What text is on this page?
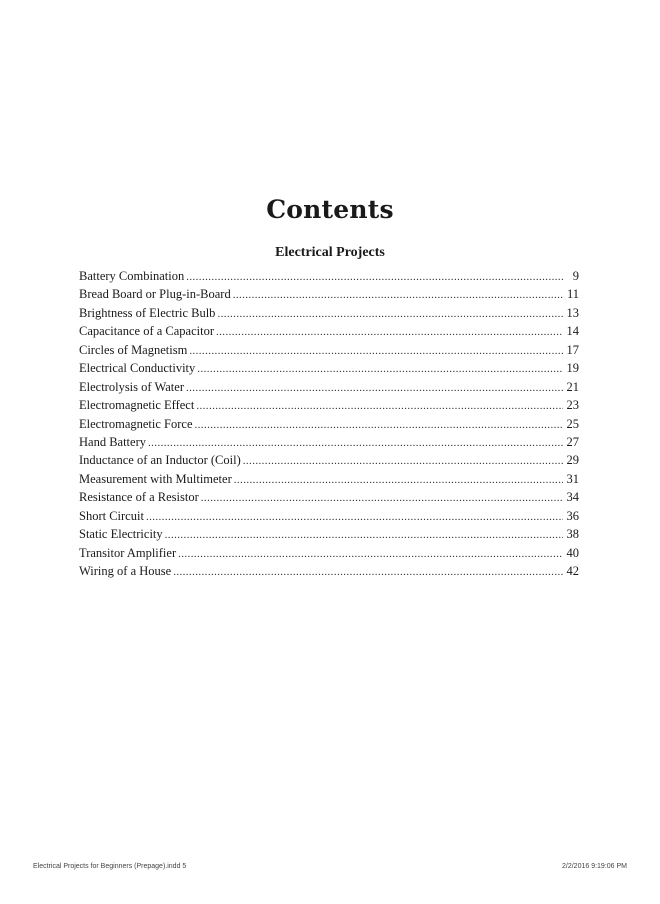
Contents
Electrical Projects
Battery Combination .....	9
Bread Board or Plug-in-Board .....	11
Brightness of Electric Bulb .....	13
Capacitance of a Capacitor .....	14
Circles of Magnetism .....	17
Electrical Conductivity .....	19
Electrolysis of Water .....	21
Electromagnetic Effect .....	23
Electromagnetic Force .....	25
Hand Battery .....	27
Inductance of an Inductor (Coil) .....	29
Measurement with Multimeter .....	31
Resistance of a Resistor .....	34
Short Circuit .....	36
Static Electricity .....	38
Transitor Amplifier .....	40
Wiring of a House .....	42
Electrical Projects for Beginners (Prepage).indd 5	2/2/2016 9:19:06 PM
